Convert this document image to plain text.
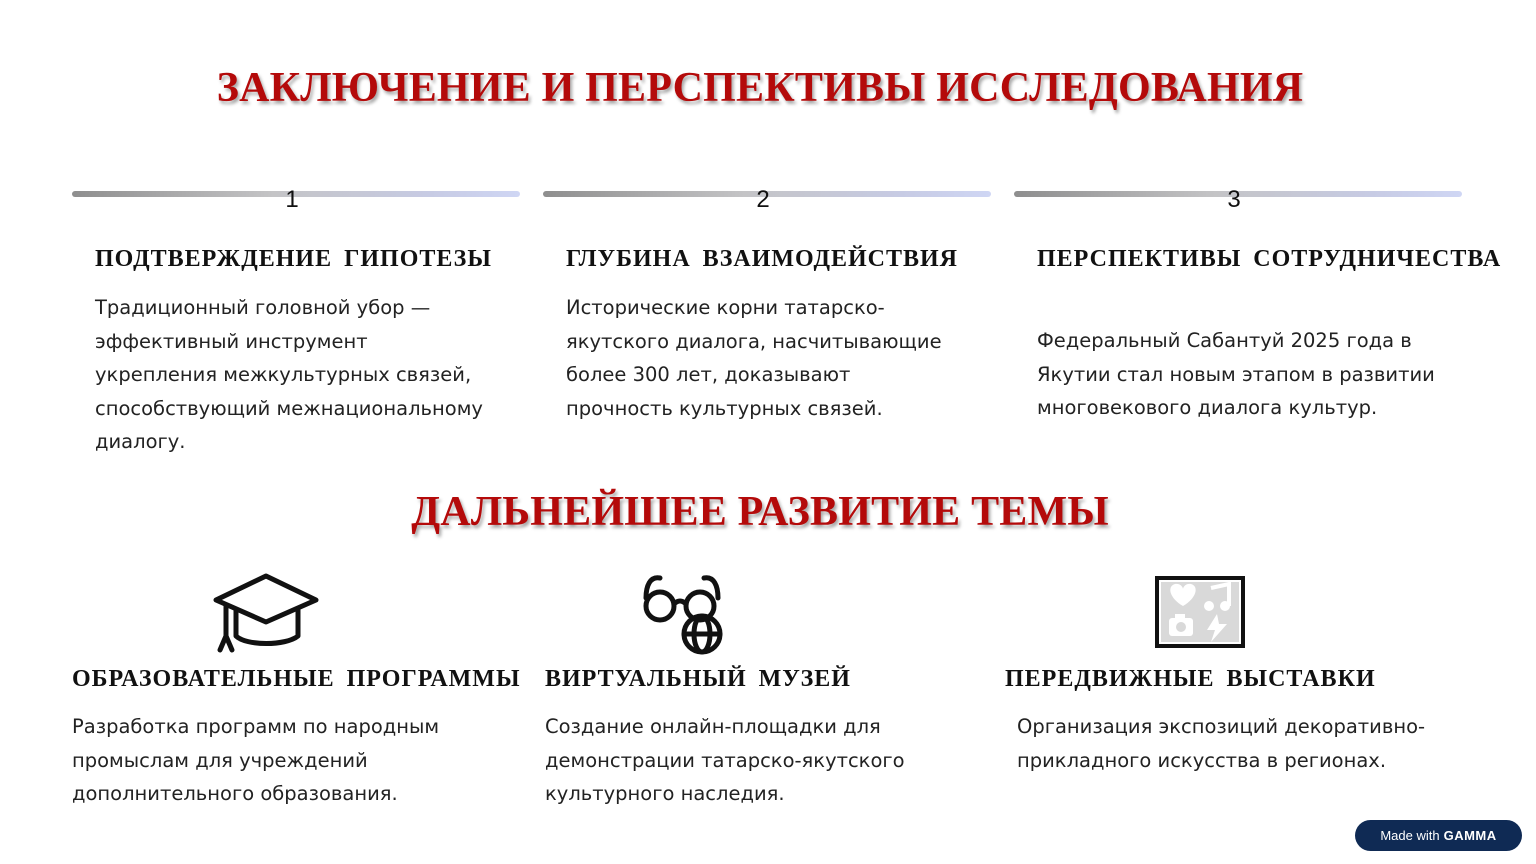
ЗАКЛЮЧЕНИЕ И ПЕРСПЕКТИВЫ ИССЛЕДОВАНИЯ
1
ПОДТВЕРЖДЕНИЕ ГИПОТЕЗЫ

Традиционный головной убор — эффективный инструмент укрепления межкультурных связей, способствующий межнациональному диалогу.

2
ГЛУБИНА ВЗАИМОДЕЙСТВИЯ

Исторические корни татарско-якутского диалога, насчитывающие более 300 лет, доказывают прочность культурных связей.

3
ПЕРСПЕКТИВЫ СОТРУДНИЧЕСТВА

Федеральный Сабантуй 2025 года в Якутии стал новым этапом в развитии многовекового диалога культур.

ДАЛЬНЕЙШЕЕ РАЗВИТИЕ ТЕМЫ
ОБРАЗОВАТЕЛЬНЫЕ ПРОГРАММЫ

Разработка программ по народным промыслам для учреждений дополнительного образования.

ВИРТУАЛЬНЫЙ МУЗЕЙ

Создание онлайн-площадки для демонстрации татарско-якутского культурного наследия.

ПЕРЕДВИЖНЫЕ ВЫСТАВКИ

Организация экспозиций декоративно-прикладного искусства в регионах.

Made with GAMMA
